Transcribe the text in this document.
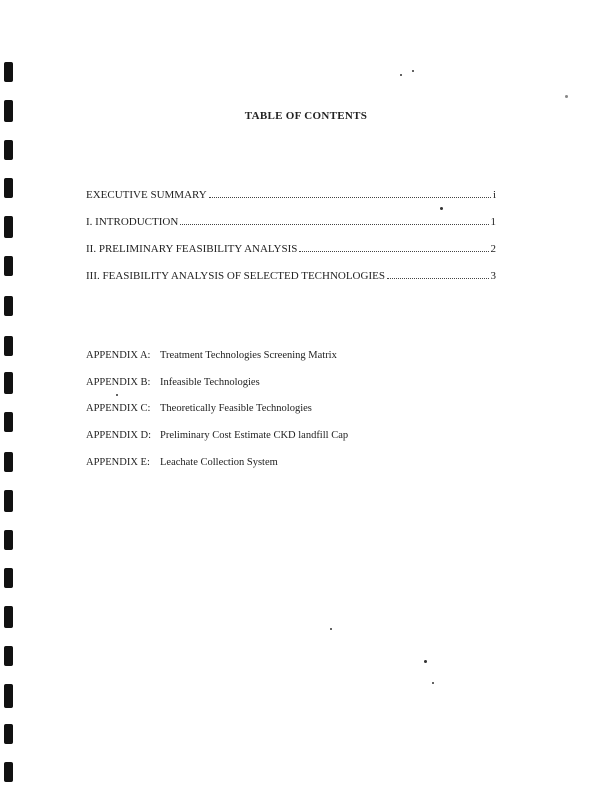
TABLE OF CONTENTS
EXECUTIVE SUMMARY	i
I. INTRODUCTION	1
II. PRELIMINARY FEASIBILITY ANALYSIS	2
III. FEASIBILITY ANALYSIS OF SELECTED TECHNOLOGIES	3
APPENDIX A: Treatment Technologies Screening Matrix
APPENDIX B: Infeasible Technologies
APPENDIX C: Theoretically Feasible Technologies
APPENDIX D: Preliminary Cost Estimate CKD landfill Cap
APPENDIX E: Leachate Collection System
